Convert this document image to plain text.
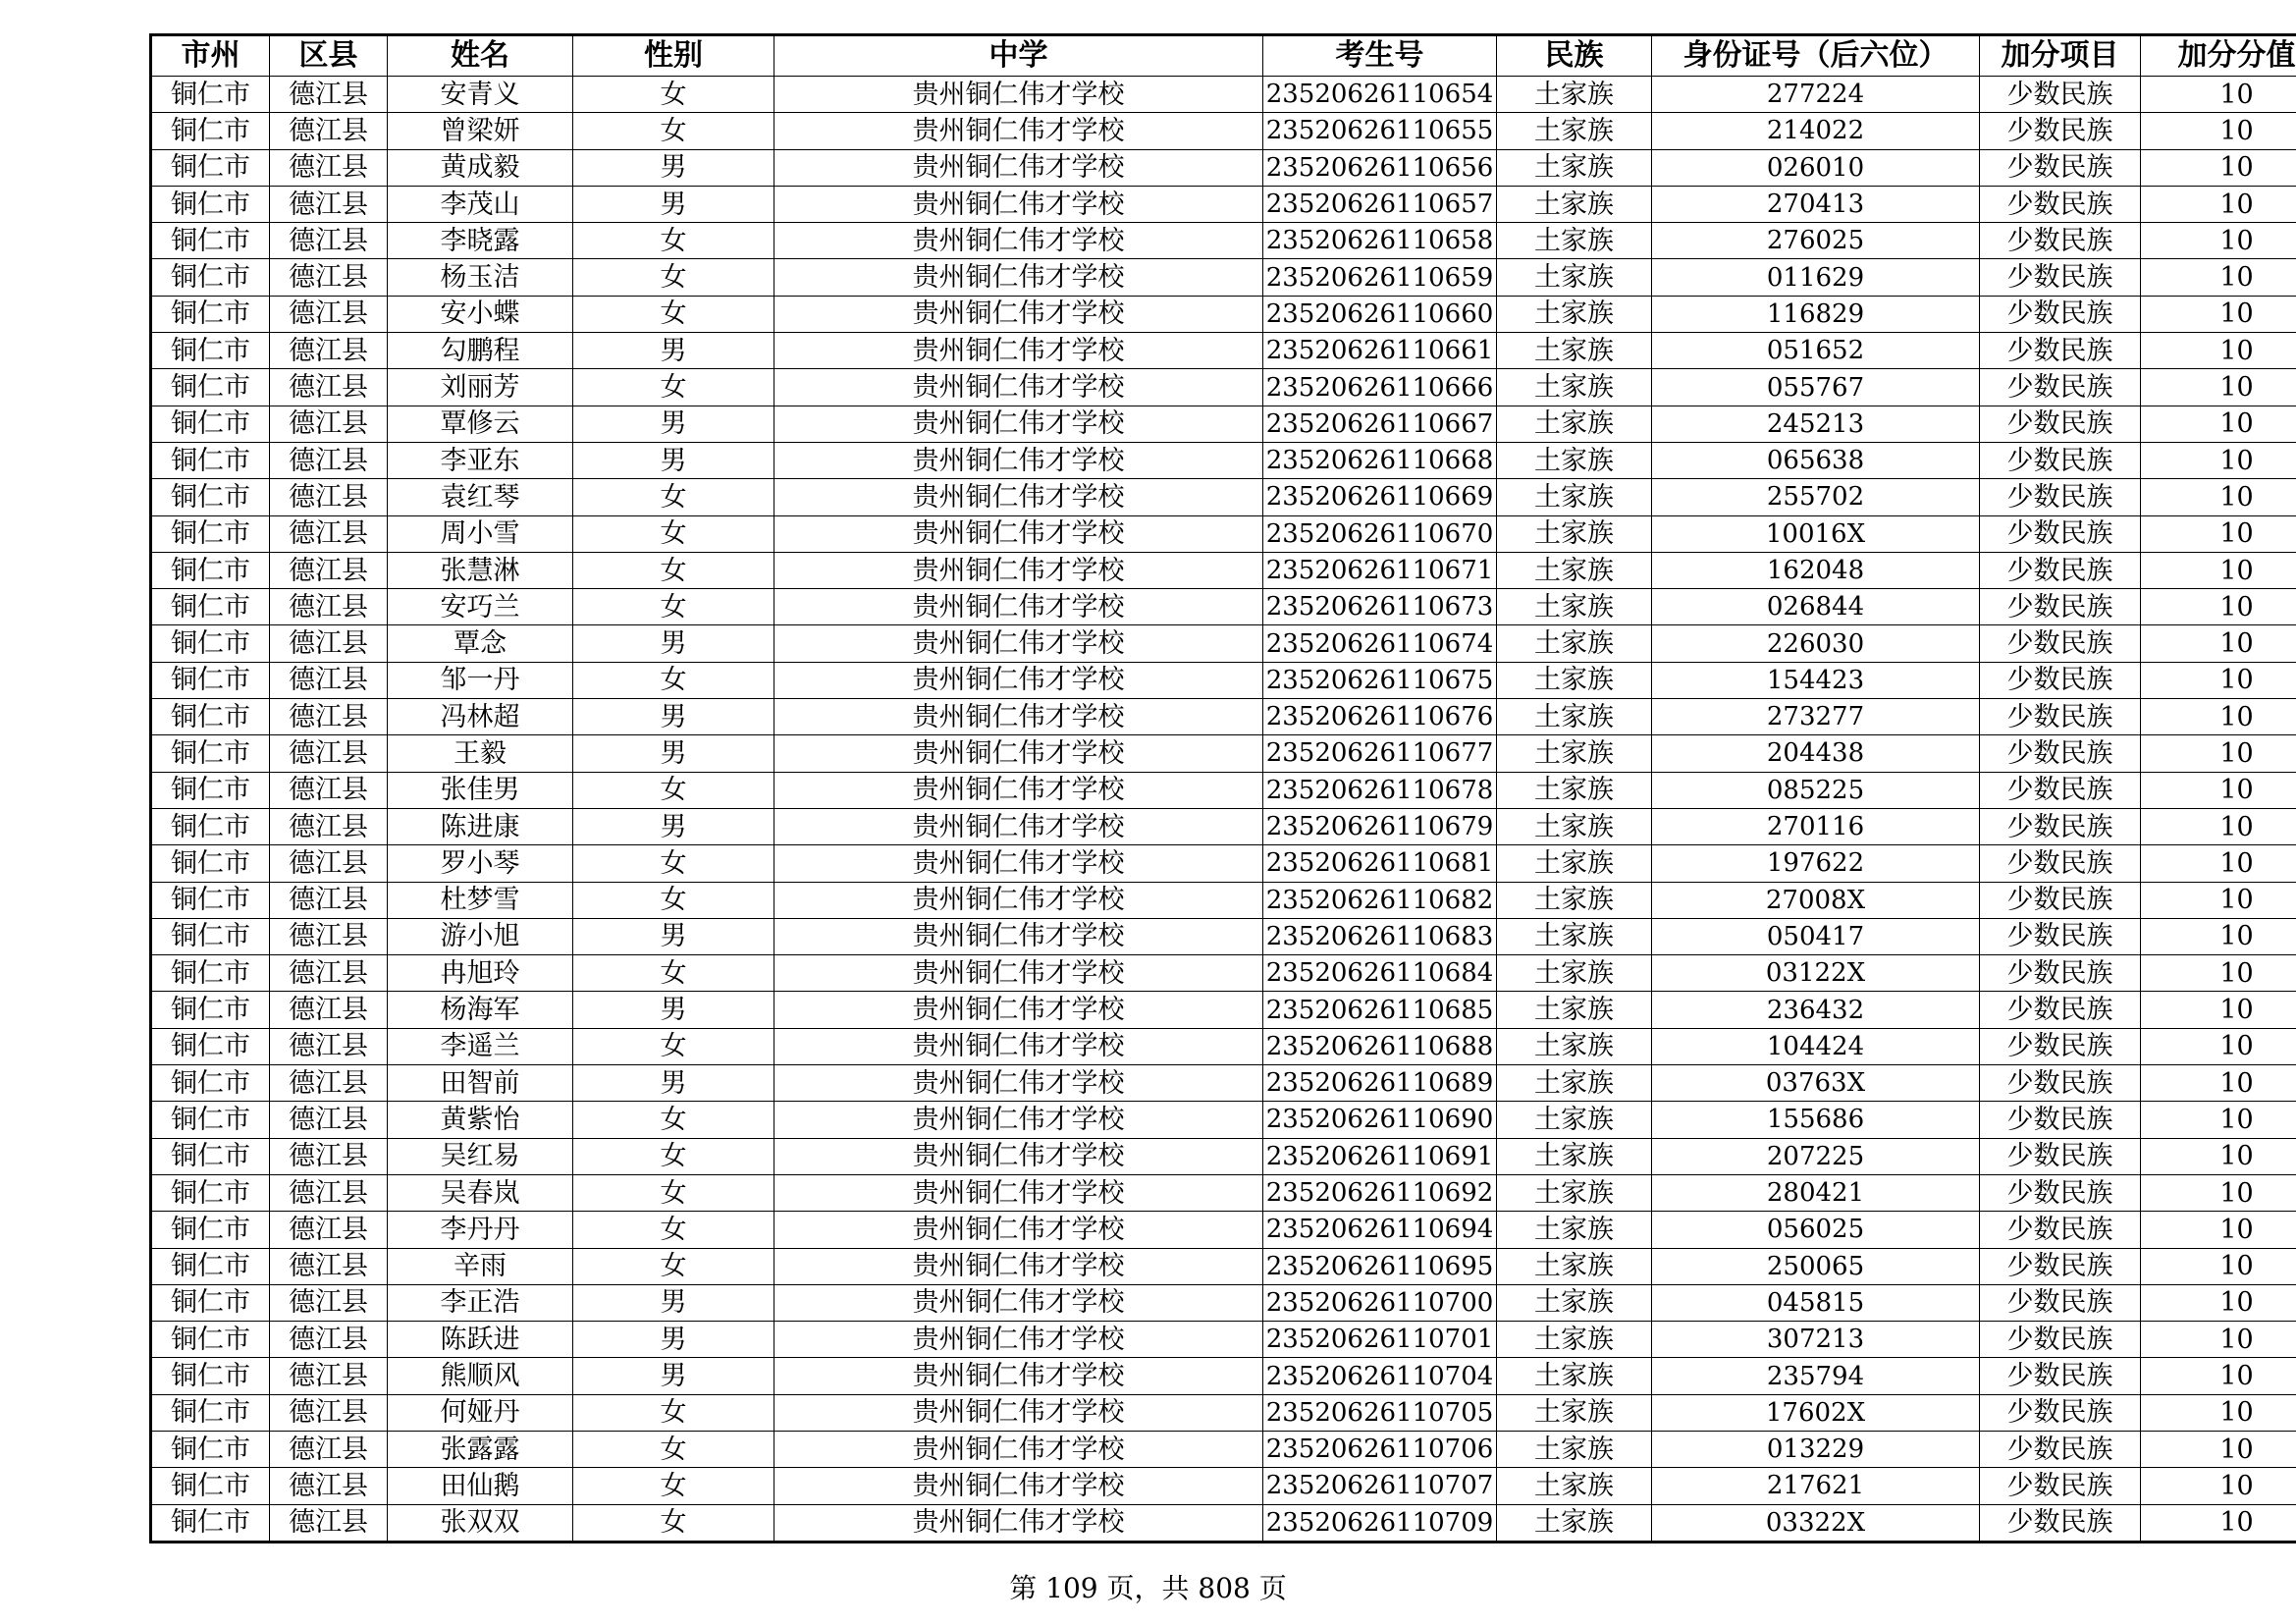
市州	区县	姓名	性别	中学	考生号	民族	身份证号（后六位）	加分项目	加分分值
铜仁市	德江县	安青义	女	贵州铜仁伟才学校	23520626110654	土家族	277224	少数民族	10
铜仁市	德江县	曾梁妍	女	贵州铜仁伟才学校	23520626110655	土家族	214022	少数民族	10
铜仁市	德江县	黄成毅	男	贵州铜仁伟才学校	23520626110656	土家族	026010	少数民族	10
铜仁市	德江县	李茂山	男	贵州铜仁伟才学校	23520626110657	土家族	270413	少数民族	10
铜仁市	德江县	李晓露	女	贵州铜仁伟才学校	23520626110658	土家族	276025	少数民族	10
铜仁市	德江县	杨玉洁	女	贵州铜仁伟才学校	23520626110659	土家族	011629	少数民族	10
铜仁市	德江县	安小蝶	女	贵州铜仁伟才学校	23520626110660	土家族	116829	少数民族	10
铜仁市	德江县	勾鹏程	男	贵州铜仁伟才学校	23520626110661	土家族	051652	少数民族	10
铜仁市	德江县	刘丽芳	女	贵州铜仁伟才学校	23520626110666	土家族	055767	少数民族	10
铜仁市	德江县	覃修云	男	贵州铜仁伟才学校	23520626110667	土家族	245213	少数民族	10
铜仁市	德江县	李亚东	男	贵州铜仁伟才学校	23520626110668	土家族	065638	少数民族	10
铜仁市	德江县	袁红琴	女	贵州铜仁伟才学校	23520626110669	土家族	255702	少数民族	10
铜仁市	德江县	周小雪	女	贵州铜仁伟才学校	23520626110670	土家族	10016X	少数民族	10
铜仁市	德江县	张慧淋	女	贵州铜仁伟才学校	23520626110671	土家族	162048	少数民族	10
铜仁市	德江县	安巧兰	女	贵州铜仁伟才学校	23520626110673	土家族	026844	少数民族	10
铜仁市	德江县	覃念	男	贵州铜仁伟才学校	23520626110674	土家族	226030	少数民族	10
铜仁市	德江县	邹一丹	女	贵州铜仁伟才学校	23520626110675	土家族	154423	少数民族	10
铜仁市	德江县	冯林超	男	贵州铜仁伟才学校	23520626110676	土家族	273277	少数民族	10
铜仁市	德江县	王毅	男	贵州铜仁伟才学校	23520626110677	土家族	204438	少数民族	10
铜仁市	德江县	张佳男	女	贵州铜仁伟才学校	23520626110678	土家族	085225	少数民族	10
铜仁市	德江县	陈进康	男	贵州铜仁伟才学校	23520626110679	土家族	270116	少数民族	10
铜仁市	德江县	罗小琴	女	贵州铜仁伟才学校	23520626110681	土家族	197622	少数民族	10
铜仁市	德江县	杜梦雪	女	贵州铜仁伟才学校	23520626110682	土家族	27008X	少数民族	10
铜仁市	德江县	游小旭	男	贵州铜仁伟才学校	23520626110683	土家族	050417	少数民族	10
铜仁市	德江县	冉旭玲	女	贵州铜仁伟才学校	23520626110684	土家族	03122X	少数民族	10
铜仁市	德江县	杨海军	男	贵州铜仁伟才学校	23520626110685	土家族	236432	少数民族	10
铜仁市	德江县	李遥兰	女	贵州铜仁伟才学校	23520626110688	土家族	104424	少数民族	10
铜仁市	德江县	田智前	男	贵州铜仁伟才学校	23520626110689	土家族	03763X	少数民族	10
铜仁市	德江县	黄紫怡	女	贵州铜仁伟才学校	23520626110690	土家族	155686	少数民族	10
铜仁市	德江县	吴红易	女	贵州铜仁伟才学校	23520626110691	土家族	207225	少数民族	10
铜仁市	德江县	吴春岚	女	贵州铜仁伟才学校	23520626110692	土家族	280421	少数民族	10
铜仁市	德江县	李丹丹	女	贵州铜仁伟才学校	23520626110694	土家族	056025	少数民族	10
铜仁市	德江县	辛雨	女	贵州铜仁伟才学校	23520626110695	土家族	250065	少数民族	10
铜仁市	德江县	李正浩	男	贵州铜仁伟才学校	23520626110700	土家族	045815	少数民族	10
铜仁市	德江县	陈跃进	男	贵州铜仁伟才学校	23520626110701	土家族	307213	少数民族	10
铜仁市	德江县	熊顺风	男	贵州铜仁伟才学校	23520626110704	土家族	235794	少数民族	10
铜仁市	德江县	何娅丹	女	贵州铜仁伟才学校	23520626110705	土家族	17602X	少数民族	10
铜仁市	德江县	张露露	女	贵州铜仁伟才学校	23520626110706	土家族	013229	少数民族	10
铜仁市	德江县	田仙鹅	女	贵州铜仁伟才学校	23520626110707	土家族	217621	少数民族	10
铜仁市	德江县	张双双	女	贵州铜仁伟才学校	23520626110709	土家族	03322X	少数民族	10
第 109 页，共 808 页
